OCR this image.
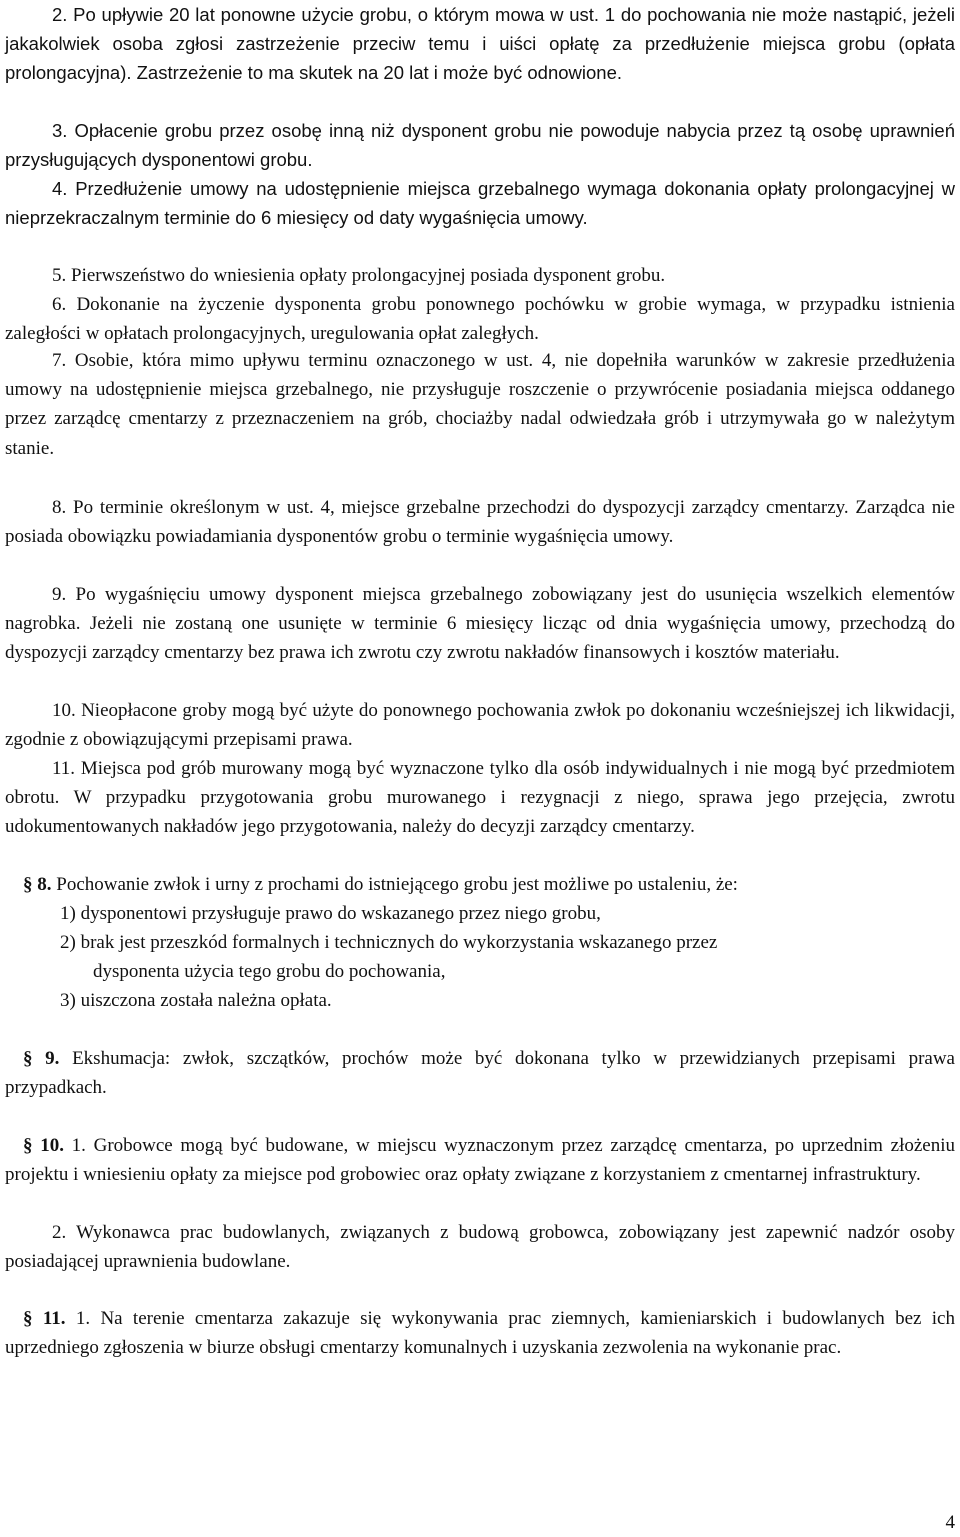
2. Po upływie 20 lat ponowne użycie grobu, o którym mowa w ust. 1 do pochowania nie może nastąpić, jeżeli jakakolwiek osoba zgłosi zastrzeżenie przeciw temu i uiści opłatę za przedłużenie miejsca grobu (opłata prolongacyjna). Zastrzeżenie to ma skutek na 20 lat i może być odnowione.
3. Opłacenie grobu przez osobę inną niż dysponent grobu nie powoduje nabycia przez tą osobę uprawnień przysługujących dysponentowi grobu.
4. Przedłużenie umowy na udostępnienie miejsca grzebalnego wymaga dokonania opłaty prolongacyjnej w nieprzekraczalnym terminie do 6 miesięcy od daty wygaśnięcia umowy.
5. Pierwszeństwo do wniesienia opłaty prolongacyjnej posiada dysponent grobu.
6. Dokonanie na życzenie dysponenta grobu ponownego pochówku w grobie wymaga, w przypadku istnienia zaległości w opłatach prolongacyjnych, uregulowania opłat zaległych.
7. Osobie, która mimo upływu terminu oznaczonego w ust. 4, nie dopełniła warunków w zakresie przedłużenia umowy na udostępnienie miejsca grzebalnego, nie przysługuje roszczenie o przywrócenie posiadania miejsca oddanego przez zarządcę cmentarzy z przeznaczeniem na grób, chociażby nadal odwiedzała grób i utrzymywała go w należytym stanie.
8. Po terminie określonym w ust. 4, miejsce grzebalne przechodzi do dyspozycji zarządcy cmentarzy. Zarządca nie posiada obowiązku powiadamiania dysponentów grobu o terminie wygaśnięcia umowy.
9. Po wygaśnięciu umowy dysponent miejsca grzebalnego zobowiązany jest do usunięcia wszelkich elementów nagrobka. Jeżeli nie zostaną one usunięte w terminie 6 miesięcy licząc od dnia wygaśnięcia umowy, przechodzą do dyspozycji zarządcy cmentarzy bez prawa ich zwrotu czy zwrotu nakładów finansowych i kosztów materiału.
10. Nieopłacone groby mogą być użyte do ponownego pochowania zwłok po dokonaniu wcześniejszej ich likwidacji, zgodnie z obowiązującymi przepisami prawa.
11. Miejsca pod grób murowany mogą być wyznaczone tylko dla osób indywidualnych i nie mogą być przedmiotem obrotu. W przypadku przygotowania grobu murowanego i rezygnacji z niego, sprawa jego przejęcia, zwrotu udokumentowanych nakładów jego przygotowania, należy do decyzji zarządcy cmentarzy.
§ 8. Pochowanie zwłok i urny z prochami do istniejącego grobu jest możliwe po ustaleniu, że:
1) dysponentowi przysługuje prawo do wskazanego przez niego grobu,
2) brak jest przeszkód formalnych i technicznych do wykorzystania wskazanego przez
dysponenta użycia tego grobu do pochowania,
3) uiszczona została należna opłata.
§ 9. Ekshumacja: zwłok, szczątków, prochów może być dokonana tylko w przewidzianych przepisami prawa przypadkach.
§ 10. 1. Grobowce mogą być budowane, w miejscu wyznaczonym przez zarządcę cmentarza, po uprzednim złożeniu projektu i wniesieniu opłaty za miejsce pod grobowiec oraz opłaty związane z korzystaniem z cmentarnej infrastruktury.
2. Wykonawca prac budowlanych, związanych z budową grobowca, zobowiązany jest zapewnić nadzór osoby posiadającej uprawnienia budowlane.
§ 11. 1. Na terenie cmentarza zakazuje się wykonywania prac ziemnych, kamieniarskich i budowlanych bez ich uprzedniego zgłoszenia w biurze obsługi cmentarzy komunalnych i uzyskania zezwolenia na wykonanie prac.
4
